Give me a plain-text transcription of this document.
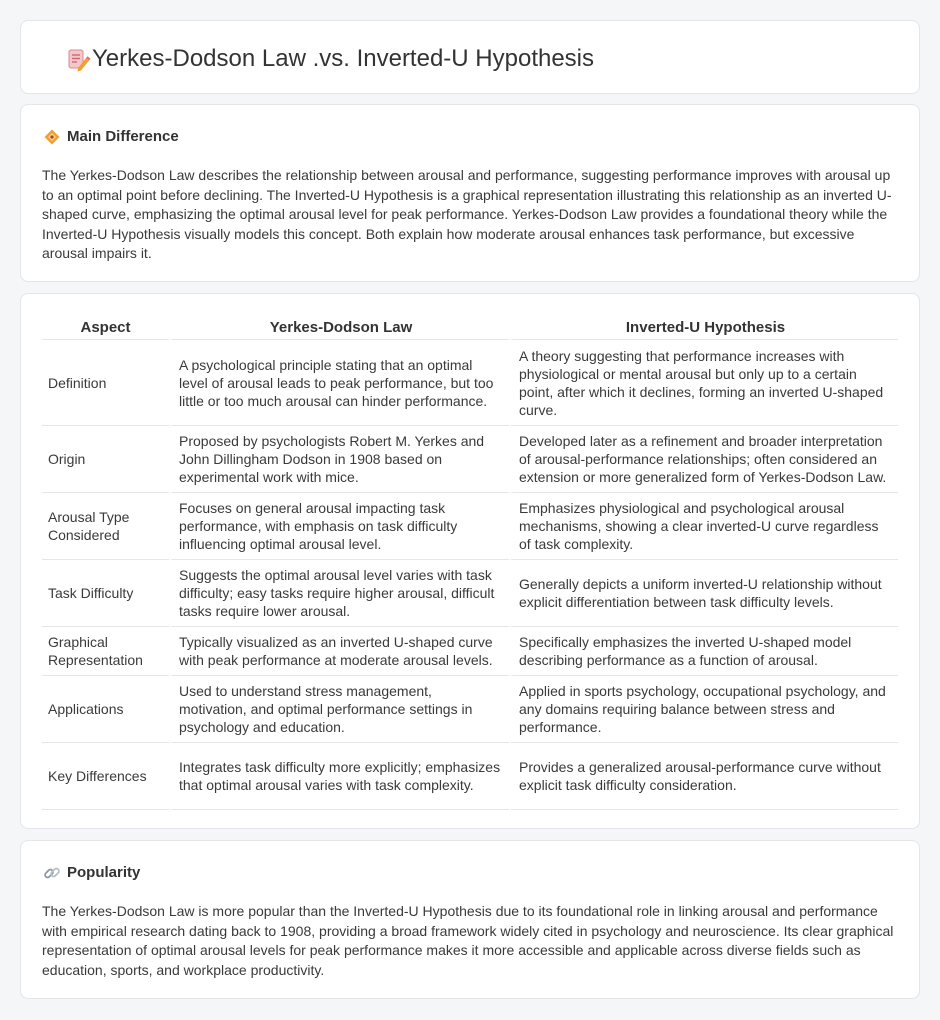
Yerkes-Dodson Law .vs. Inverted-U Hypothesis
Main Difference

The Yerkes-Dodson Law describes the relationship between arousal and performance, suggesting performance improves with arousal up to an optimal point before declining. The Inverted-U Hypothesis is a graphical representation illustrating this relationship as an inverted U-shaped curve, emphasizing the optimal arousal level for peak performance. Yerkes-Dodson Law provides a foundational theory while the Inverted-U Hypothesis visually models this concept. Both explain how moderate arousal enhances task performance, but excessive arousal impairs it.

Aspect	Yerkes-Dodson Law	Inverted-U Hypothesis
Definition	A psychological principle stating that an optimal level of arousal leads to peak performance, but too little or too much arousal can hinder performance.	A theory suggesting that performance increases with physiological or mental arousal but only up to a certain point, after which it declines, forming an inverted U-shaped curve.
Origin	Proposed by psychologists Robert M. Yerkes and John Dillingham Dodson in 1908 based on experimental work with mice.	Developed later as a refinement and broader interpretation of arousal-performance relationships; often considered an extension or more generalized form of Yerkes-Dodson Law.
Arousal Type Considered	Focuses on general arousal impacting task performance, with emphasis on task difficulty influencing optimal arousal level.	Emphasizes physiological and psychological arousal mechanisms, showing a clear inverted-U curve regardless of task complexity.
Task Difficulty	Suggests the optimal arousal level varies with task difficulty; easy tasks require higher arousal, difficult tasks require lower arousal.	Generally depicts a uniform inverted-U relationship without explicit differentiation between task difficulty levels.
Graphical Representation	Typically visualized as an inverted U-shaped curve with peak performance at moderate arousal levels.	Specifically emphasizes the inverted U-shaped model describing performance as a function of arousal.
Applications	Used to understand stress management, motivation, and optimal performance settings in psychology and education.	Applied in sports psychology, occupational psychology, and any domains requiring balance between stress and performance.
Key Differences	Integrates task difficulty more explicitly; emphasizes that optimal arousal varies with task complexity.	Provides a generalized arousal-performance curve without explicit task difficulty consideration.
Popularity

The Yerkes-Dodson Law is more popular than the Inverted-U Hypothesis due to its foundational role in linking arousal and performance with empirical research dating back to 1908, providing a broad framework widely cited in psychology and neuroscience. Its clear graphical representation of optimal arousal levels for peak performance makes it more accessible and applicable across diverse fields such as education, sports, and workplace productivity.
